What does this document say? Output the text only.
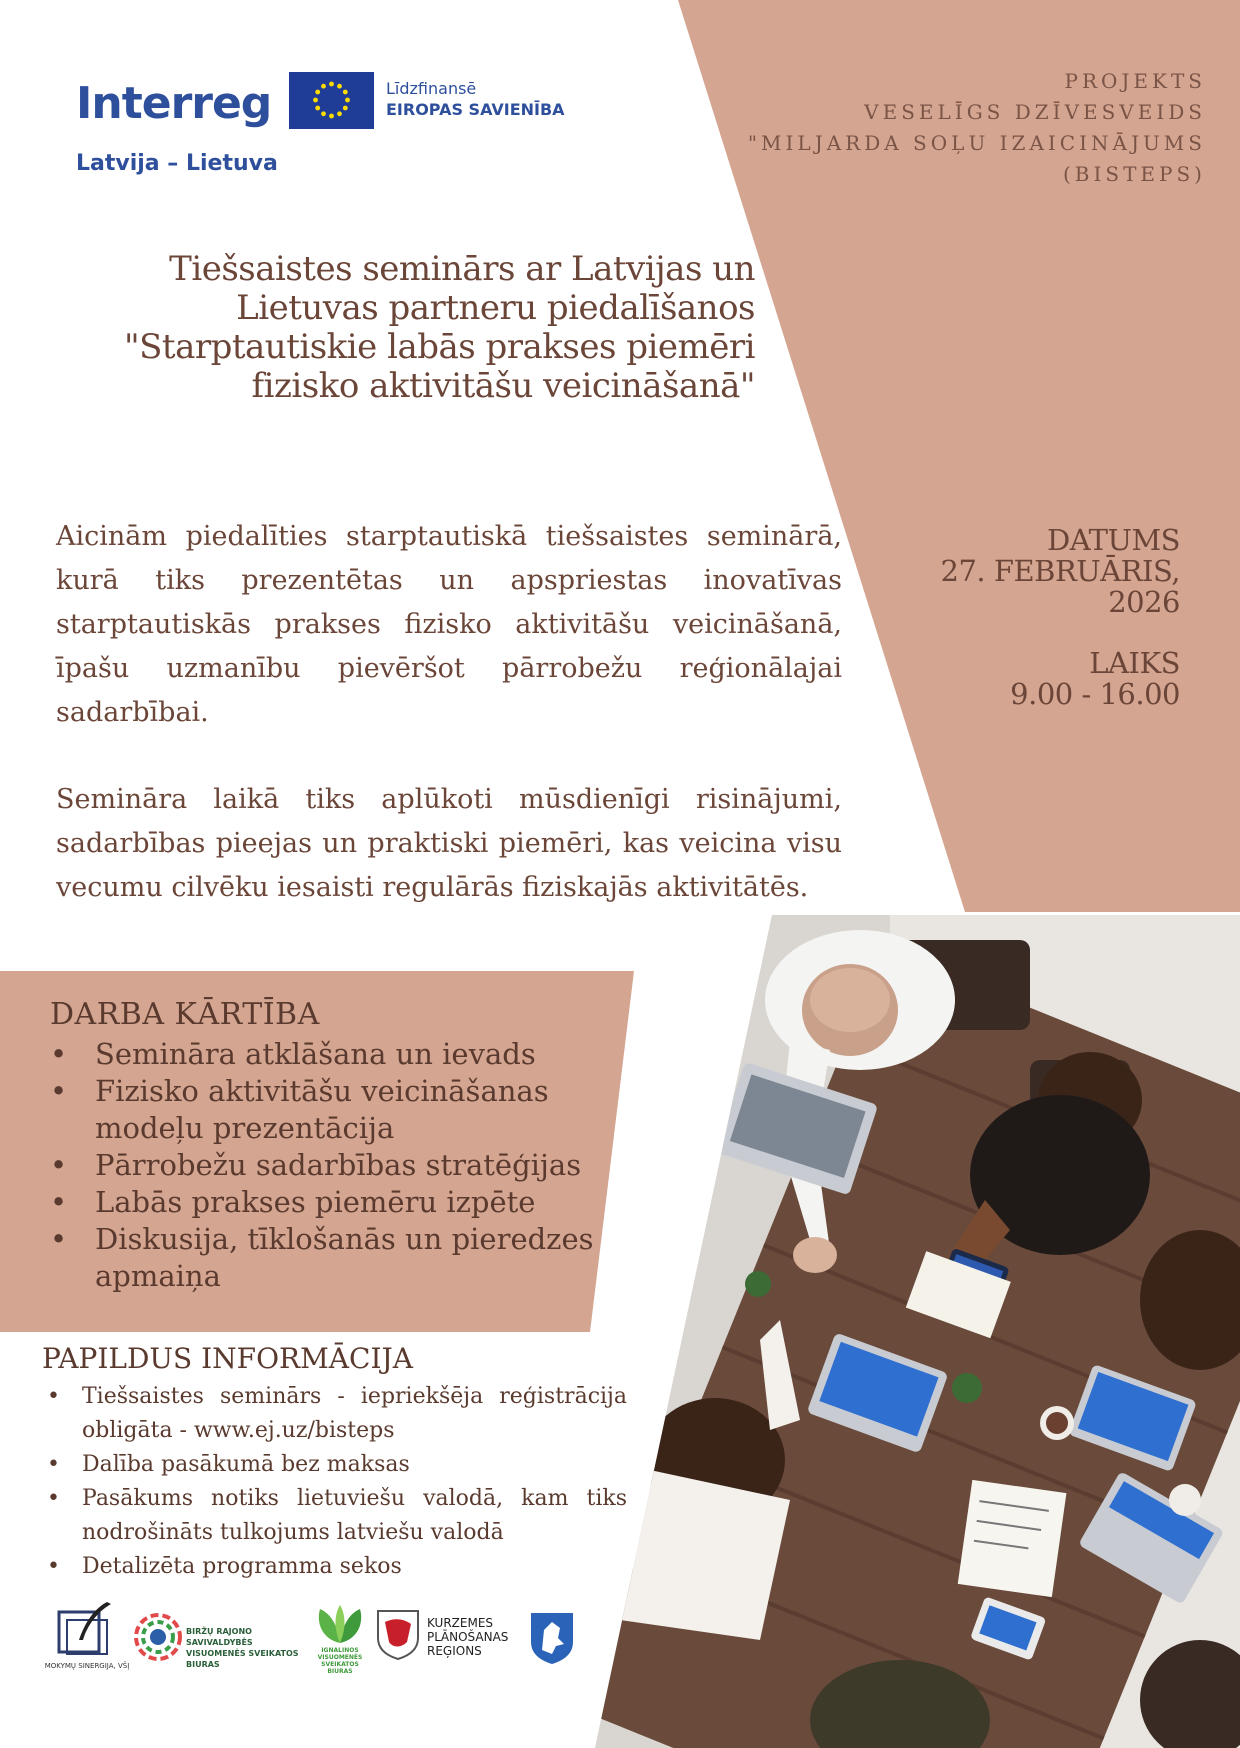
Interreg
Latvija – Lietuva
Līdzfinansē
EIROPAS SAVIENĪBA
PROJEKTS
VESELĪGS DZĪVESVEIDS
"MILJARDA SOĻU IZAICINĀJUMS
(BISTEPS)
Tiešsaistes seminārs ar Latvijas un
Lietuvas partneru piedalīšanos
"Starptautiskie labās prakses piemēri
fizisko aktivitāšu veicināšanā"
Aicinām piedalīties starptautiskā tiešsaistes seminārā, kurā tiks prezentētas un apspriestas inovatīvas starptautiskās prakses fizisko aktivitāšu veicināšanā, īpašu uzmanību pievēršot pārrobežu reģionālajai sadarbībai.
Semināra laikā tiks aplūkoti mūsdienīgi risinājumi, sadarbības pieejas un praktiski piemēri, kas veicina visu vecumu cilvēku iesaisti regulārās fiziskajās aktivitātēs.
DATUMS
27. FEBRUĀRIS,
2026
LAIKS
9.00 - 16.00
DARBA KĀRTĪBA
• Semināra atklāšana un ievads
• Fizisko aktivitāšu veicināšanas modeļu prezentācija
• Pārrobežu sadarbības stratēģijas
• Labās prakses piemēru izpēte
• Diskusija, tīklošanās un pieredzes apmaiņa
PAPILDUS INFORMĀCIJA
• Tiešsaistes seminārs - iepriekšēja reģistrācija obligāta - www.ej.uz/bisteps
• Dalība pasākumā bez maksas
• Pasākums notiks lietuviešu valodā, kam tiks nodrošināts tulkojums latviešu valodā
• Detalizēta programma sekos
MOKYMŲ SINERGIJA, VŠĮ
BIRŽŲ RAJONO SAVIVALDYBĖS
VISUOMENĖS SVEIKATOS BIURAS
IGNALINOS
VISUOMENĖS
SVEIKATOS BIURAS
KURZEMES
PLĀNOŠANAS
REĢIONS
